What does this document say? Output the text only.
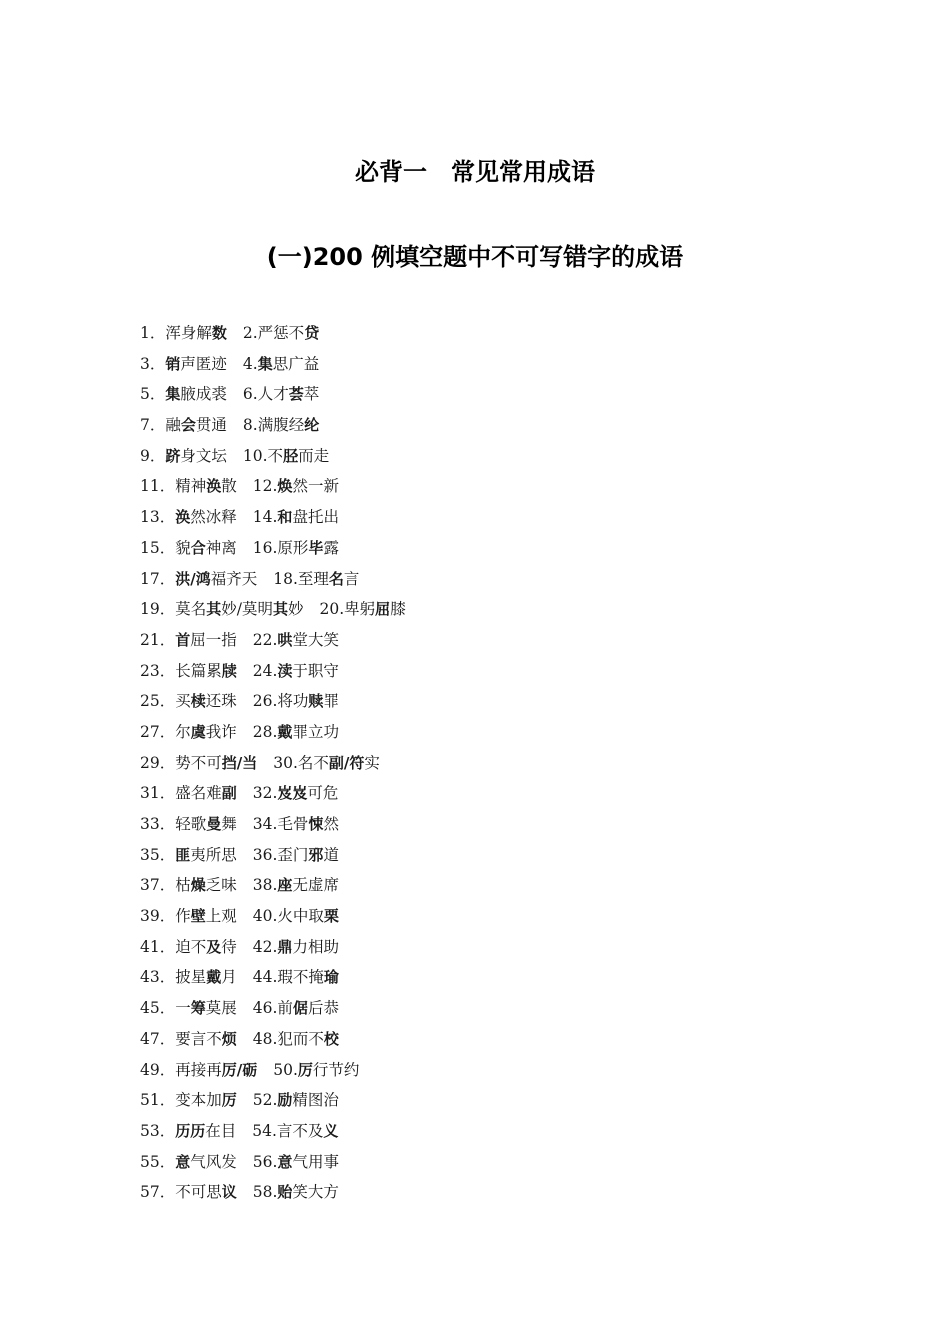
必背一　常见常用成语
(一)200 例填空题中不可写错字的成语
1．浑身解数 2.严惩不贷
3．销声匿迹 4.集思广益
5．集腋成裘 6.人才荟萃
7．融会贯通 8.满腹经纶
9．跻身文坛 10.不胫而走
11．精神涣散 12.焕然一新
13．涣然冰释 14.和盘托出
15．貌合神离 16.原形毕露
17．洪/鸿福齐天 18.至理名言
19．莫名其妙/莫明其妙 20.卑躬屈膝
21．首屈一指 22.哄堂大笑
23．长篇累牍 24.渎于职守
25．买椟还珠 26.将功赎罪
27．尔虞我诈 28.戴罪立功
29．势不可挡/当 30.名不副/符实
31．盛名难副 32.岌岌可危
33．轻歌曼舞 34.毛骨悚然
35．匪夷所思 36.歪门邪道
37．枯燥乏味 38.座无虚席
39．作壁上观 40.火中取栗
41．迫不及待 42.鼎力相助
43．披星戴月 44.瑕不掩瑜
45．一筹莫展 46.前倨后恭
47．要言不烦 48.犯而不校
49．再接再厉/砺 50.厉行节约
51．变本加厉 52.励精图治
53．历历在目 54.言不及义
55．意气风发 56.意气用事
57．不可思议 58.贻笑大方
